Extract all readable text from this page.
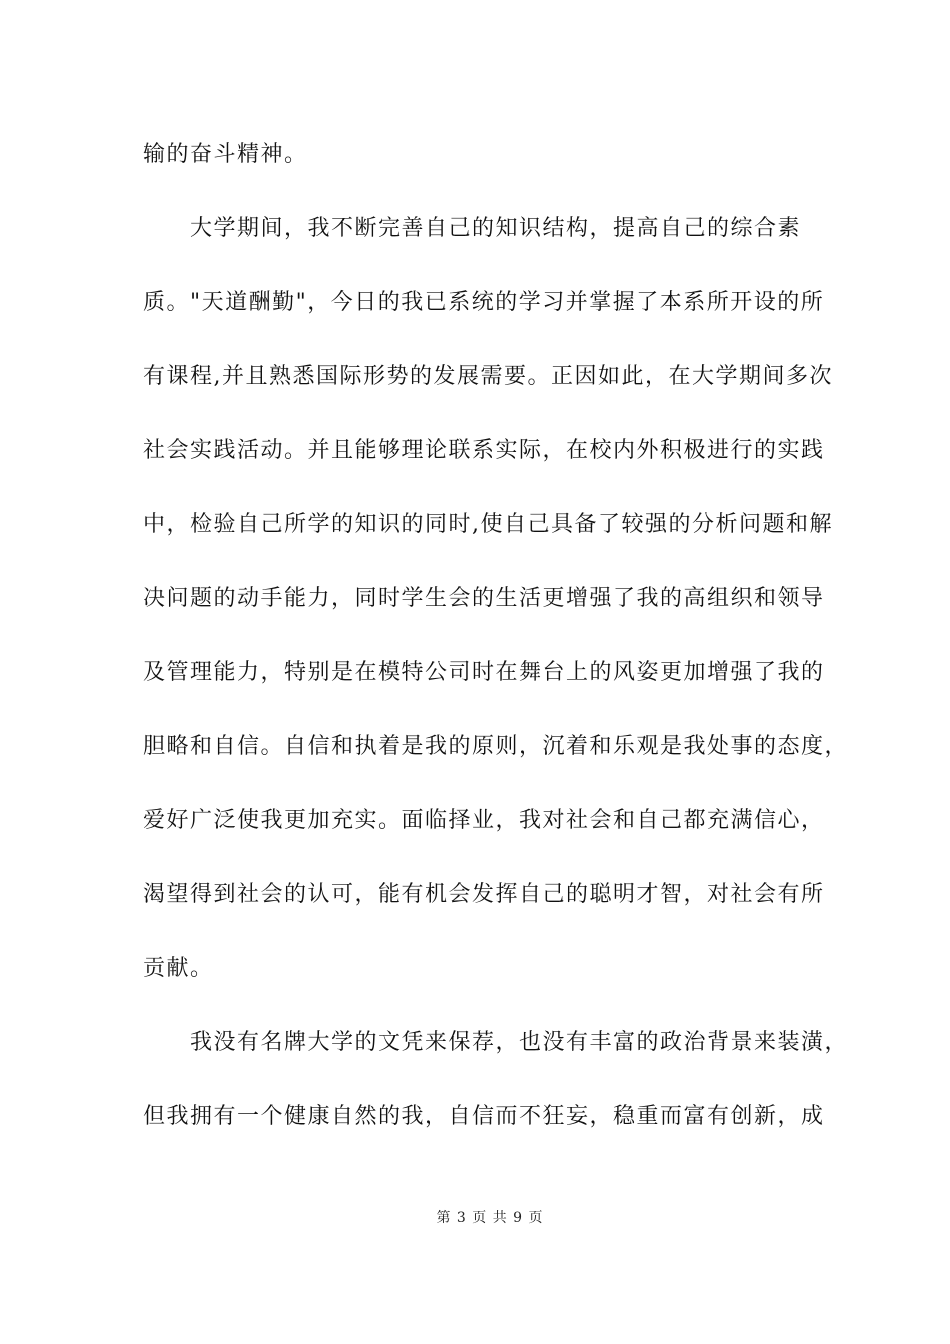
输的奋斗精神。
大学期间，我不断完善自己的知识结构，提高自己的综合素
质。"天道酬勤"，今日的我已系统的学习并掌握了本系所开设的所
有课程,并且熟悉国际形势的发展需要。正因如此，在大学期间多次
社会实践活动。并且能够理论联系实际，在校内外积极进行的实践
中，检验自己所学的知识的同时,使自己具备了较强的分析问题和解
决问题的动手能力，同时学生会的生活更增强了我的高组织和领导
及管理能力，特别是在模特公司时在舞台上的风姿更加增强了我的
胆略和自信。自信和执着是我的原则，沉着和乐观是我处事的态度，
爱好广泛使我更加充实。面临择业，我对社会和自己都充满信心，
渴望得到社会的认可，能有机会发挥自己的聪明才智，对社会有所
贡献。
我没有名牌大学的文凭来保荐，也没有丰富的政治背景来装潢，
但我拥有一个健康自然的我，自信而不狂妄，稳重而富有创新，成
第 3 页 共 9 页
